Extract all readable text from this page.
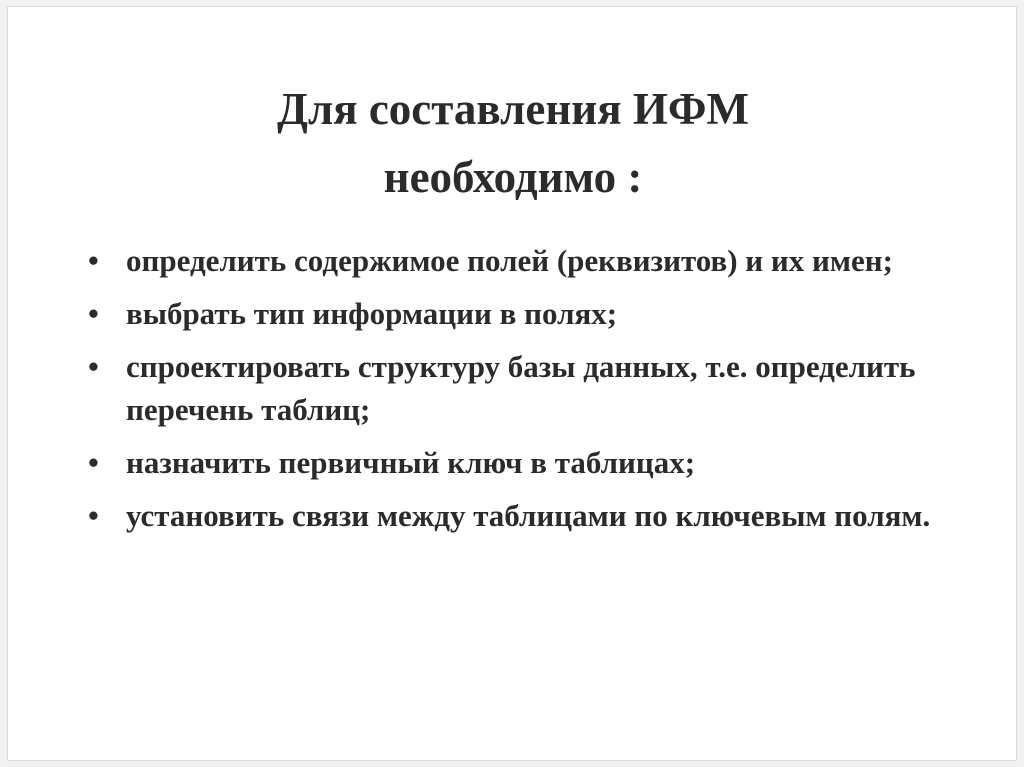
Для составления ИФМ
необходимо :
• определить содержимое полей (реквизитов) и их имен;
• выбрать тип информации в полях;
• спроектировать структуру базы данных, т.е. определить перечень таблиц;
• назначить первичный ключ в таблицах;
• установить связи между таблицами по ключевым полям.
